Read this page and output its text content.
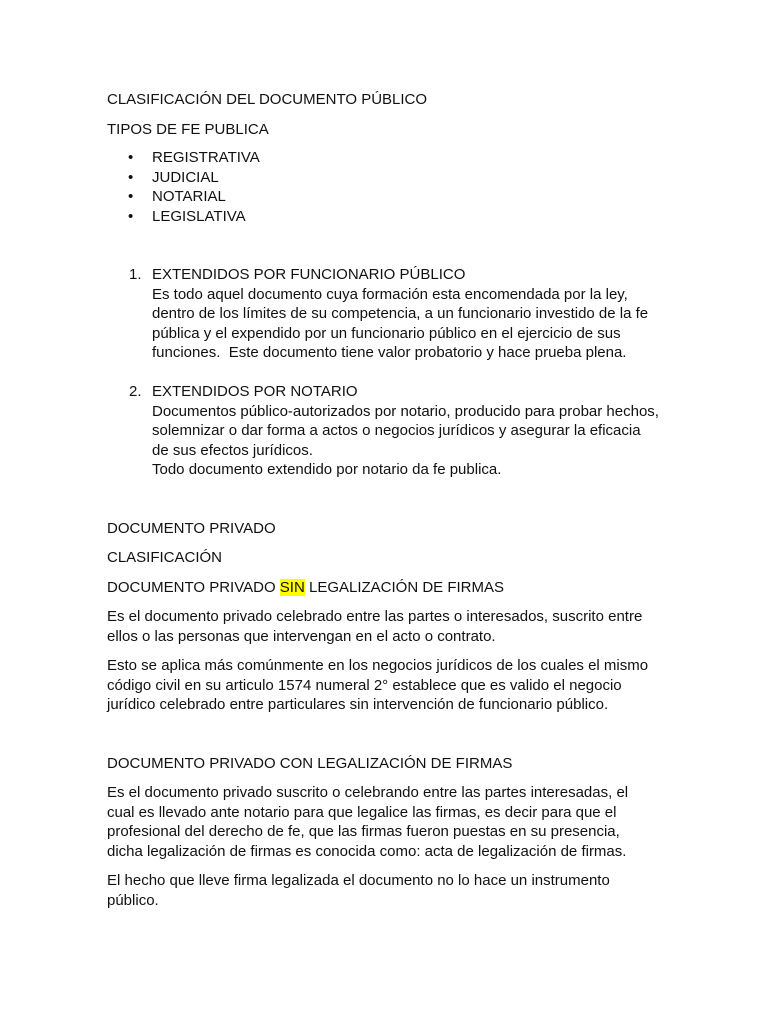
CLASIFICACIÓN DEL DOCUMENTO PÚBLICO

TIPOS DE FE PUBLICA

• REGISTRATIVA
• JUDICIAL
• NOTARIAL
• LEGISLATIVA
1. EXTENDIDOS POR FUNCIONARIO PÚBLICO
Es todo aquel documento cuya formación esta encomendada por la ley,
dentro de los límites de su competencia, a un funcionario investido de la fe
pública y el expendido por un funcionario público en el ejercicio de sus
funciones.  Este documento tiene valor probatorio y hace prueba plena.
2. EXTENDIDOS POR NOTARIO
Documentos público-autorizados por notario, producido para probar hechos,
solemnizar o dar forma a actos o negocios jurídicos y asegurar la eficacia
de sus efectos jurídicos.
Todo documento extendido por notario da fe publica.

DOCUMENTO PRIVADO

CLASIFICACIÓN

DOCUMENTO PRIVADO SIN LEGALIZACIÓN DE FIRMAS

Es el documento privado celebrado entre las partes o interesados, suscrito entre
ellos o las personas que intervengan en el acto o contrato.

Esto se aplica más comúnmente en los negocios jurídicos de los cuales el mismo
código civil en su articulo 1574 numeral 2° establece que es valido el negocio
jurídico celebrado entre particulares sin intervención de funcionario público.

DOCUMENTO PRIVADO CON LEGALIZACIÓN DE FIRMAS

Es el documento privado suscrito o celebrando entre las partes interesadas, el
cual es llevado ante notario para que legalice las firmas, es decir para que el
profesional del derecho de fe, que las firmas fueron puestas en su presencia,
dicha legalización de firmas es conocida como: acta de legalización de firmas.

El hecho que lleve firma legalizada el documento no lo hace un instrumento
público.
